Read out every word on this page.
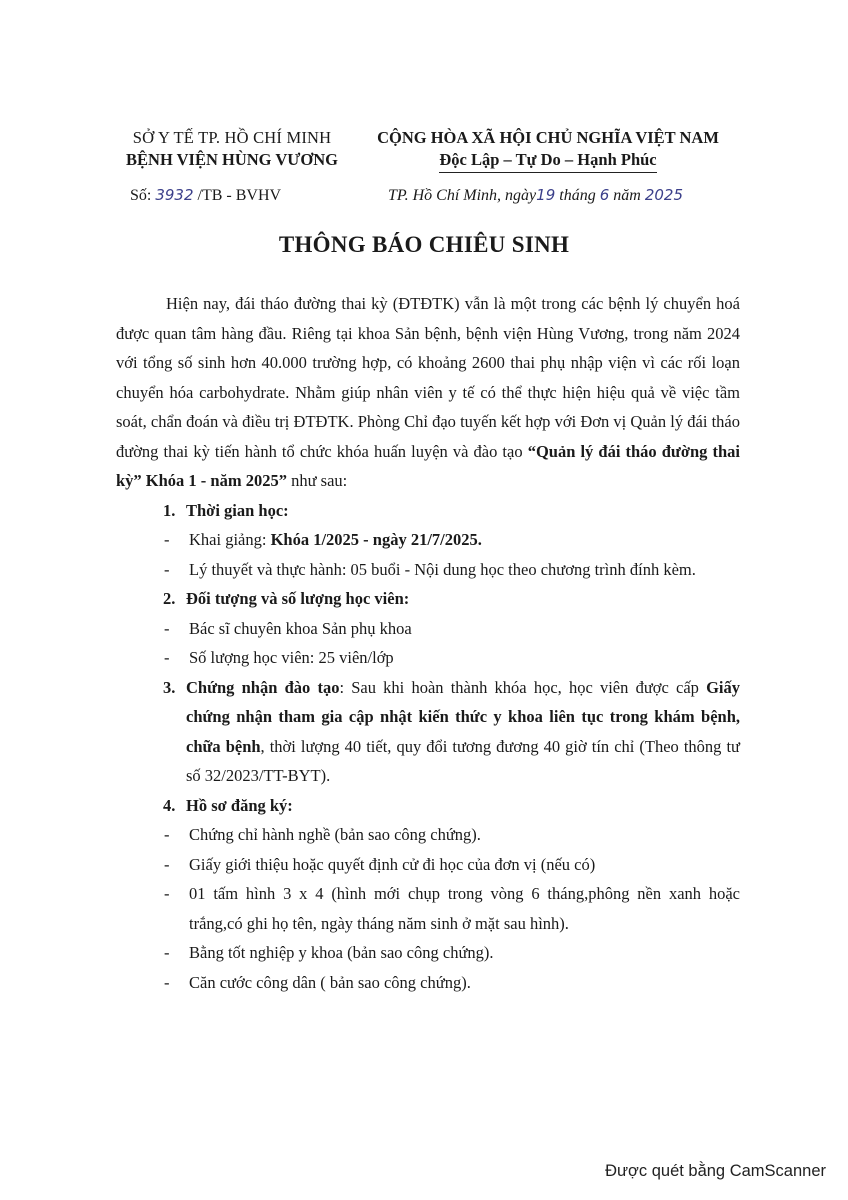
SỞ Y TẾ TP. HỒ CHÍ MINH
BỆNH VIỆN HÙNG VƯƠNG
CỘNG HÒA XÃ HỘI CHỦ NGHĨA VIỆT NAM
Độc Lập – Tự Do – Hạnh Phúc
Số: 3932 /TB - BVHV	TP. Hồ Chí Minh, ngày19 tháng 6 năm 2025
THÔNG BÁO CHIÊU SINH

Hiện nay, đái tháo đường thai kỳ (ĐTĐTK) vẫn là một trong các bệnh lý chuyển hoá được quan tâm hàng đầu. Riêng tại khoa Sản bệnh, bệnh viện Hùng Vương, trong năm 2024 với tổng số sinh hơn 40.000 trường hợp, có khoảng 2600 thai phụ nhập viện vì các rối loạn chuyển hóa carbohydrate. Nhằm giúp nhân viên y tế có thể thực hiện hiệu quả về việc tầm soát, chẩn đoán và điều trị ĐTĐTK. Phòng Chỉ đạo tuyến kết hợp với Đơn vị Quản lý đái tháo đường thai kỳ tiến hành tổ chức khóa huấn luyện và đào tạo “Quản lý đái tháo đường thai kỳ” Khóa 1 - năm 2025” như sau:

1. Thời gian học:

- Khai giảng: Khóa 1/2025 - ngày 21/7/2025.

- Lý thuyết và thực hành: 05 buổi - Nội dung học theo chương trình đính kèm.

2. Đối tượng và số lượng học viên:

- Bác sĩ chuyên khoa Sản phụ khoa

- Số lượng học viên: 25 viên/lớp

3. Chứng nhận đào tạo: Sau khi hoàn thành khóa học, học viên được cấp Giấy chứng nhận tham gia cập nhật kiến thức y khoa liên tục trong khám bệnh, chữa bệnh, thời lượng 40 tiết, quy đổi tương đương 40 giờ tín chỉ (Theo thông tư số 32/2023/TT-BYT).

4. Hồ sơ đăng ký:

- Chứng chỉ hành nghề (bản sao công chứng).

- Giấy giới thiệu hoặc quyết định cử đi học của đơn vị (nếu có)

- 01 tấm hình 3 x 4 (hình mới chụp trong vòng 6 tháng,phông nền xanh hoặc trắng,có ghi họ tên, ngày tháng năm sinh ở mặt sau hình).

- Bằng tốt nghiệp y khoa (bản sao công chứng).

- Căn cước công dân ( bản sao công chứng).

Được quét bằng CamScanner
